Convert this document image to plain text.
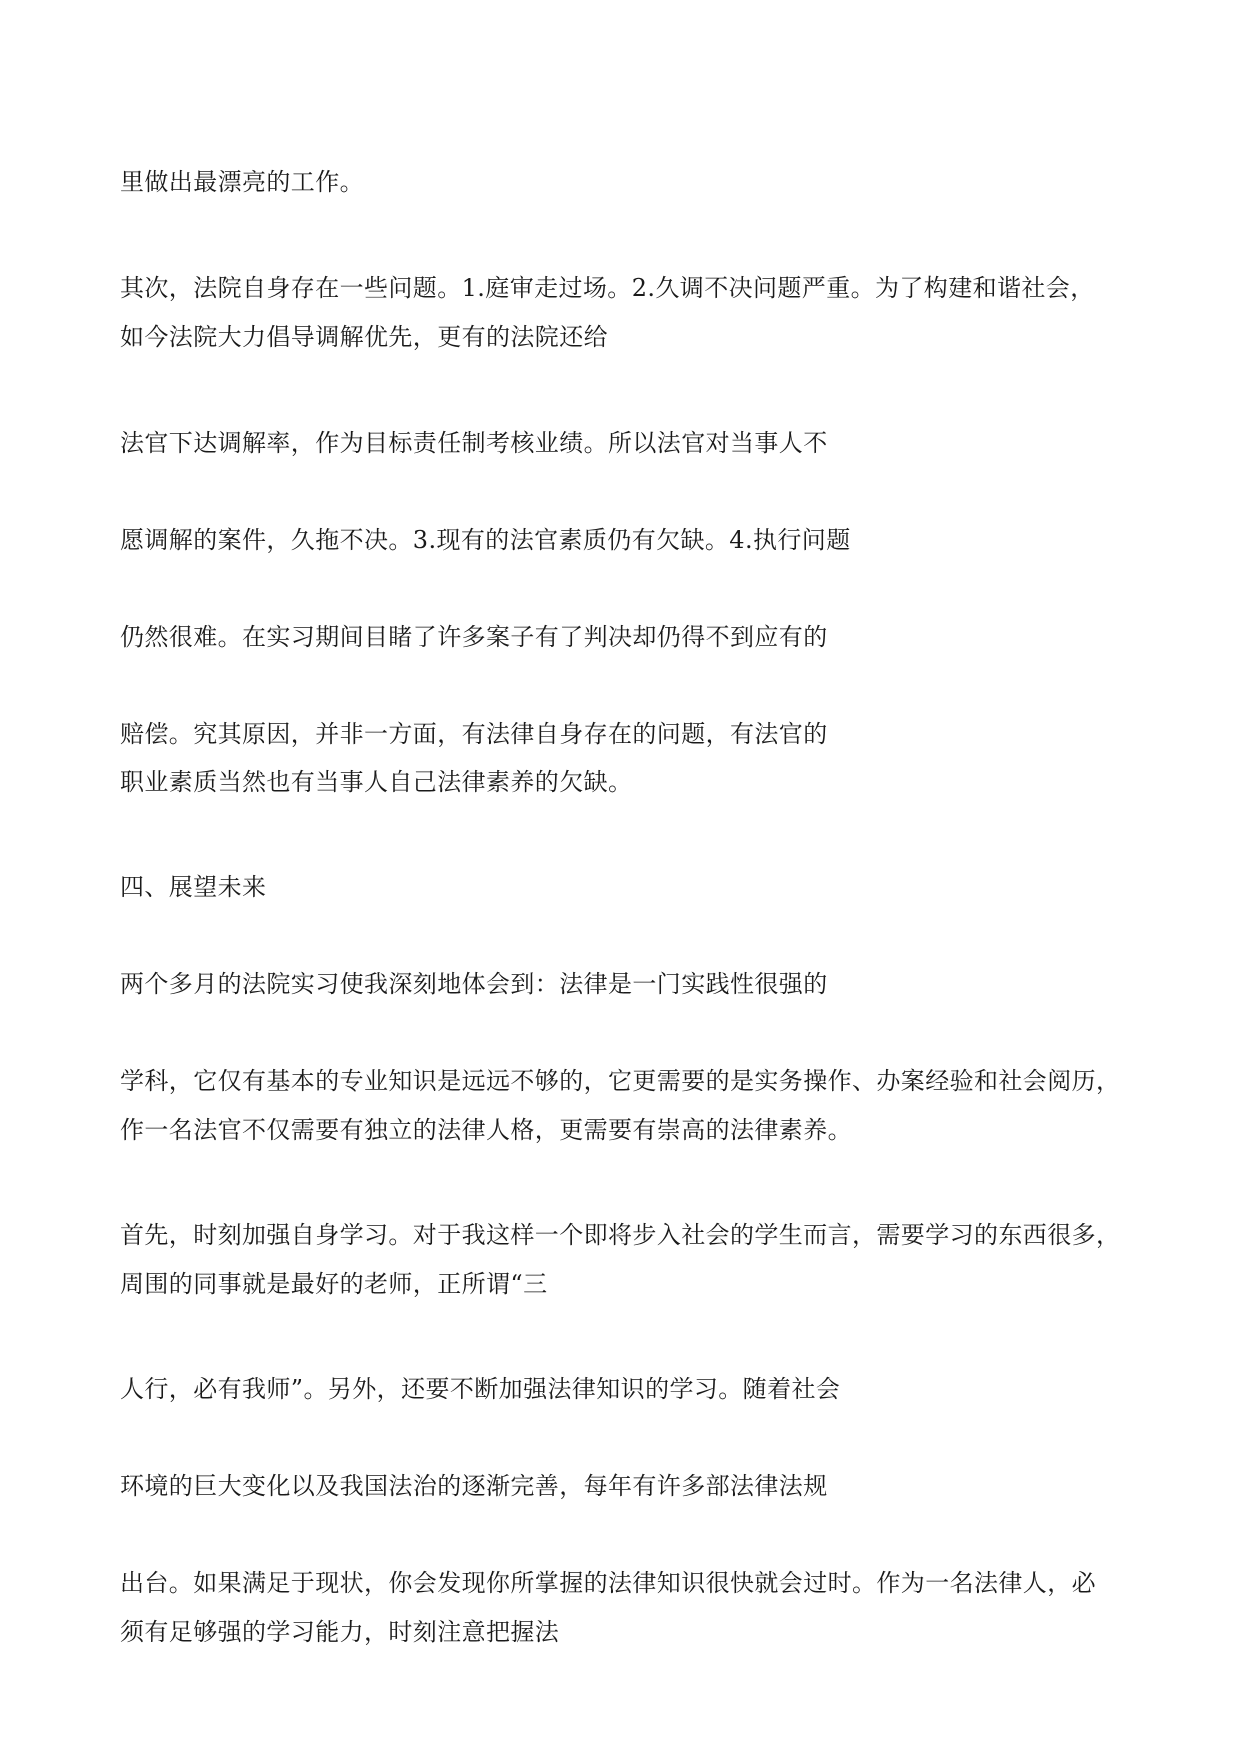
里做出最漂亮的工作。
其次，法院自身存在一些问题。1.庭审走过场。2.久调不决问题严重。为了构建和谐社会，
如今法院大力倡导调解优先，更有的法院还给
法官下达调解率，作为目标责任制考核业绩。所以法官对当事人不
愿调解的案件，久拖不决。3.现有的法官素质仍有欠缺。4.执行问题
仍然很难。在实习期间目睹了许多案子有了判决却仍得不到应有的
赔偿。究其原因，并非一方面，有法律自身存在的问题，有法官的
职业素质当然也有当事人自己法律素养的欠缺。
四、展望未来
两个多月的法院实习使我深刻地体会到：法律是一门实践性很强的
学科，它仅有基本的专业知识是远远不够的，它更需要的是实务操作、办案经验和社会阅历，
作一名法官不仅需要有独立的法律人格，更需要有崇高的法律素养。
首先，时刻加强自身学习。对于我这样一个即将步入社会的学生而言，需要学习的东西很多，
周围的同事就是最好的老师，正所谓“三
人行，必有我师”。另外，还要不断加强法律知识的学习。随着社会
环境的巨大变化以及我国法治的逐渐完善，每年有许多部法律法规
出台。如果满足于现状，你会发现你所掌握的法律知识很快就会过时。作为一名法律人，必
须有足够强的学习能力，时刻注意把握法
